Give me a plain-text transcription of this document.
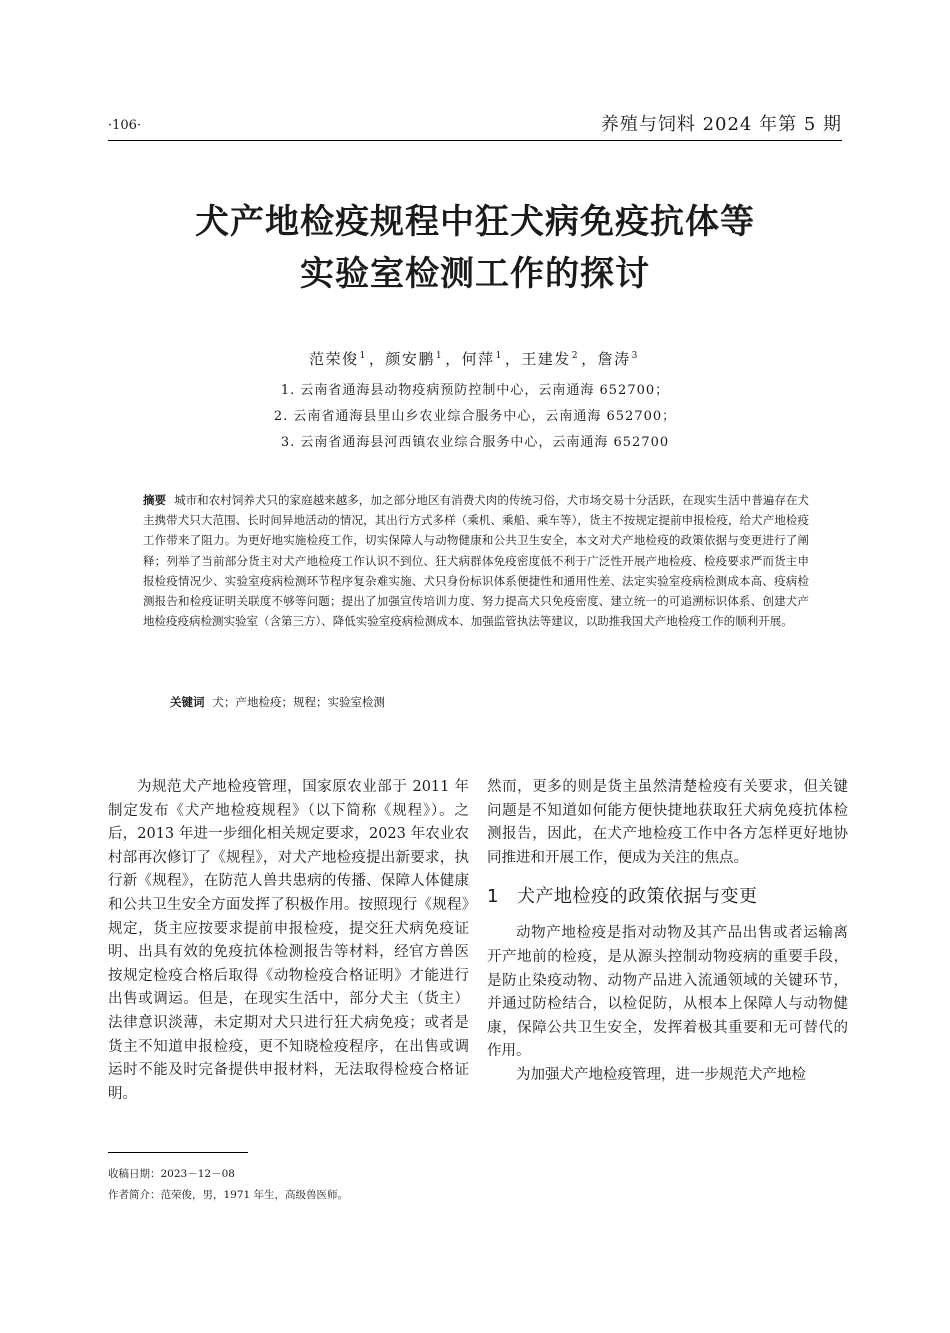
·106·	养殖与饲料 2024 年第 5 期
犬产地检疫规程中狂犬病免疫抗体等
实验室检测工作的探讨
范荣俊$^1$ ，颜安鹏$^1$ ，何萍$^1$ ，王建发$^2$ ，詹涛$^3$
1. 云南省通海县动物疫病预防控制中心，云南通海 652700；
2. 云南省通海县里山乡农业综合服务中心，云南通海 652700；
3. 云南省通海县河西镇农业综合服务中心，云南通海 652700
摘要 城市和农村饲养犬只的家庭越来越多，加之部分地区有消费犬肉的传统习俗，犬市场交易十分活跃，在现实生活中普遍存在犬主携带犬只大范围、长时间异地活动的情况，其出行方式多样（乘机、乘船、乘车等），货主不按规定提前申报检疫，给犬产地检疫工作带来了阻力。为更好地实施检疫工作，切实保障人与动物健康和公共卫生安全，本文对犬产地检疫的政策依据与变更进行了阐释；列举了当前部分货主对犬产地检疫工作认识不到位、狂犬病群体免疫密度低不利于广泛性开展产地检疫、检疫要求严而货主申报检疫情况少、实验室疫病检测环节程序复杂难实施、犬只身份标识体系便捷性和通用性差、法定实验室疫病检测成本高、疫病检测报告和检疫证明关联度不够等问题；提出了加强宣传培训力度、努力提高犬只免疫密度、建立统一的可追溯标识体系、创建犬产地检疫疫病检测实验室（含第三方）、降低实验室疫病检测成本、加强监管执法等建议，以助推我国犬产地检疫工作的顺利开展。
关键词 犬；产地检疫；规程；实验室检测

为规范犬产地检疫管理，国家原农业部于 2011 年制定发布《犬产地检疫规程》（以下简称《规程》）。之后，2013 年进一步细化相关规定要求，2023 年农业农村部再次修订了《规程》，对犬产地检疫提出新要求，执行新《规程》，在防范人兽共患病的传播、保障人体健康和公共卫生安全方面发挥了积极作用。按照现行《规程》规定，货主应按要求提前申报检疫，提交狂犬病免疫证明、出具有效的免疫抗体检测报告等材料，经官方兽医按规定检疫合格后取得《动物检疫合格证明》才能进行出售或调运。但是，在现实生活中，部分犬主（货主）法律意识淡薄，未定期对犬只进行狂犬病免疫；或者是货主不知道申报检疫，更不知晓检疫程序，在出售或调运时不能及时完备提供申报材料，无法取得检疫合格证明。

然而，更多的则是货主虽然清楚检疫有关要求，但关键问题是不知道如何能方便快捷地获取狂犬病免疫抗体检测报告，因此，在犬产地检疫工作中各方怎样更好地协同推进和开展工作，便成为关注的焦点。

1 犬产地检疫的政策依据与变更

动物产地检疫是指对动物及其产品出售或者运输离开产地前的检疫，是从源头控制动物疫病的重要手段，是防止染疫动物、动物产品进入流通领域的关键环节，并通过防检结合，以检促防，从根本上保障人与动物健康，保障公共卫生安全，发挥着极其重要和无可替代的作用。

为加强犬产地检疫管理，进一步规范犬产地检

收稿日期：2023－12－08
作者简介：范荣俊，男，1971 年生，高级兽医师。
